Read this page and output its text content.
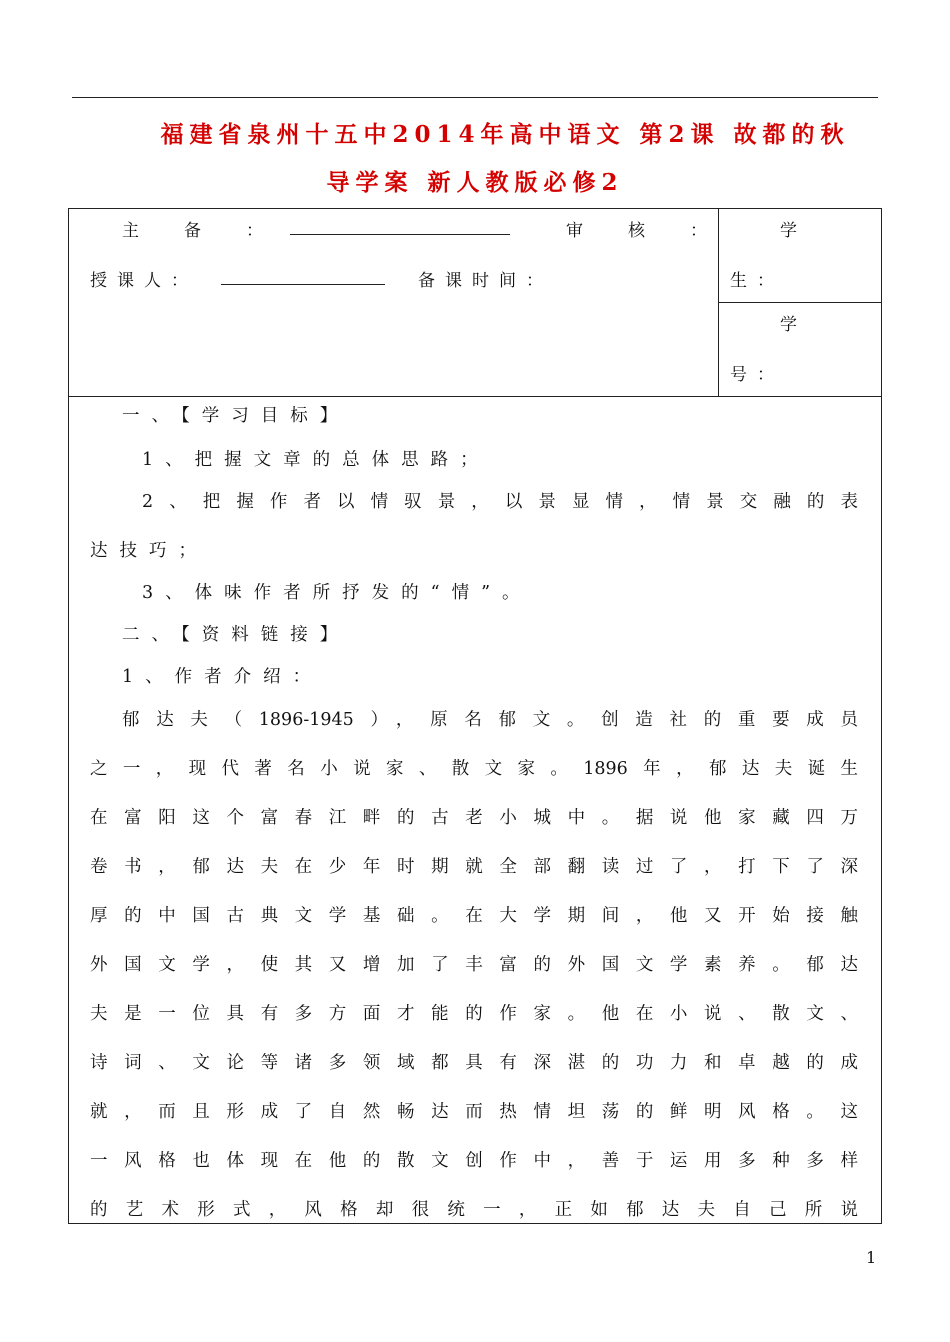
福建省泉州十五中2014年高中语文 第2课 故都的秋
导学案 新人教版必修2
主　备　：	审　核　：
授课人：	备课时间：
学
生：
学
号：
一、【学习目标】
1、把握文章的总体思路；
2、把握作者以情驭景，以景显情，情景交融的表
达技巧；
3、体味作者所抒发的“情”。
二、【资料链接】
1、作者介绍：
郁达夫（1896-1945），原名郁文。创造社的重要成员
之一，现代著名小说家、散文家。1896年，郁达夫诞生
在富阳这个富春江畔的古老小城中。据说他家藏四万
卷书，郁达夫在少年时期就全部翻读过了，打下了深
厚的中国古典文学基础。在大学期间，他又开始接触
外国文学，使其又增加了丰富的外国文学素养。郁达
夫是一位具有多方面才能的作家。他在小说、散文、
诗词、文论等诸多领域都具有深湛的功力和卓越的成
就，而且形成了自然畅达而热情坦荡的鲜明风格。这
一风格也体现在他的散文创作中，善于运用多种多样
的艺术形式，风格却很统一，正如郁达夫自己所说
1
